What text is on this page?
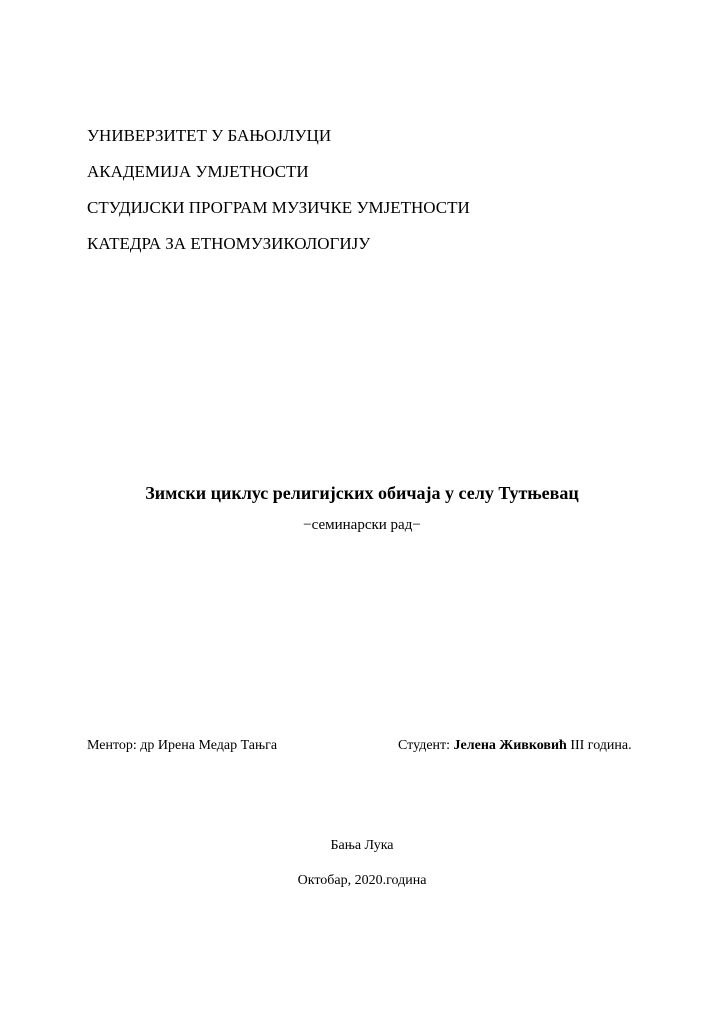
УНИВЕРЗИТЕТ У БАЊОЈЛУЦИ
АКАДЕМИЈА УМЈЕТНОСТИ
СТУДИЈСКИ ПРОГРАМ МУЗИЧКЕ УМЈЕТНОСТИ
КАТЕДРА ЗА ЕТНОМУЗИКОЛОГИЈУ
Зимски циклус религијских обичаја у селу Тутњевац
−семинарски рад−
Ментор: др Ирена Медар Тањга	Студент: Јелена Живковић III година.
Бања Лука
Октобар, 2020.година
